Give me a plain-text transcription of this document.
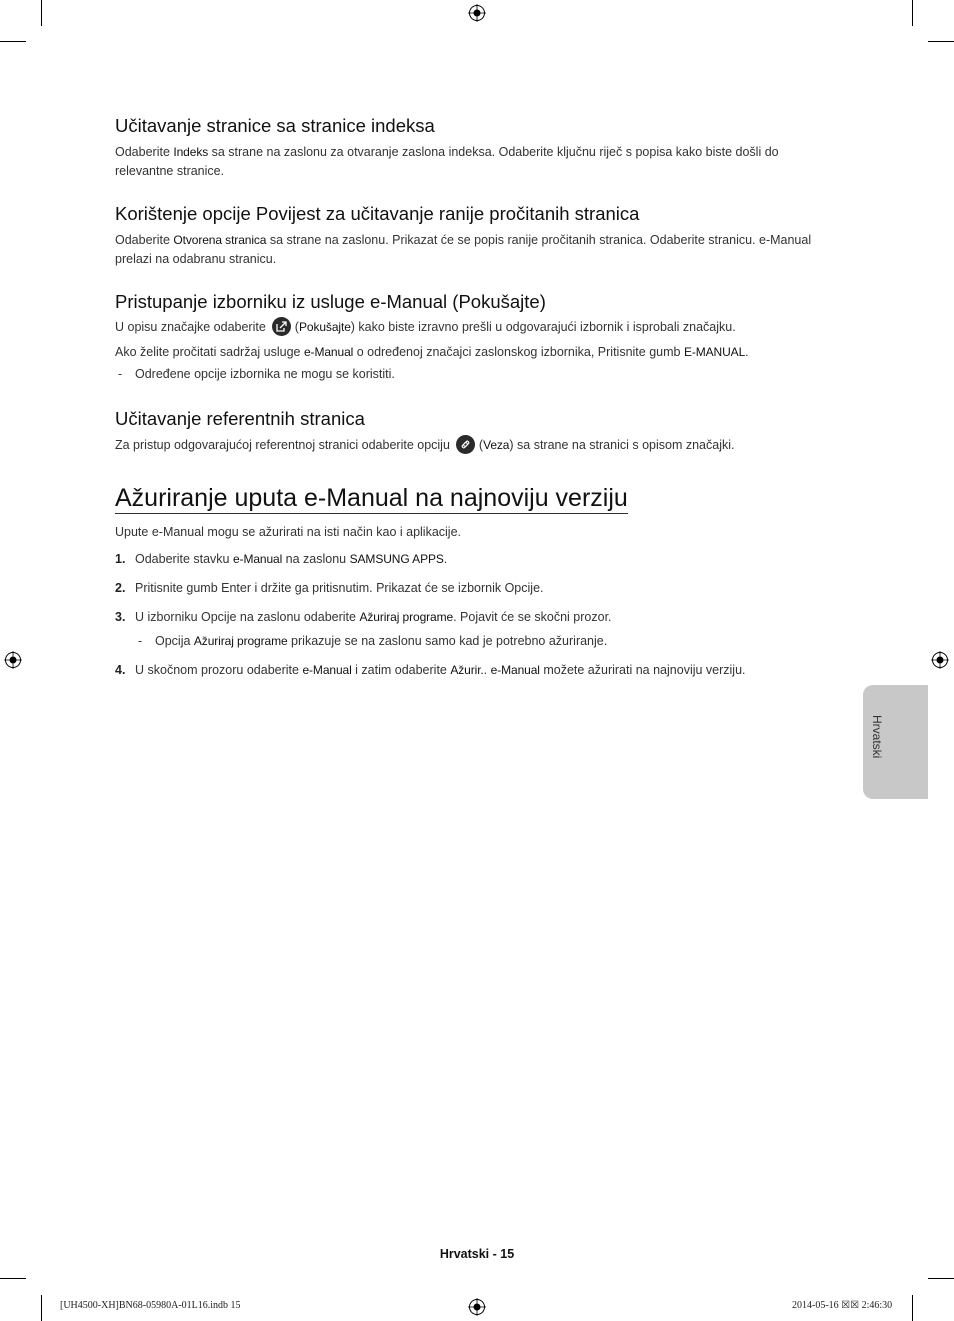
Učitavanje stranice sa stranice indeksa
Odaberite Indeks sa strane na zaslonu za otvaranje zaslona indeksa. Odaberite ključnu riječ s popisa kako biste došli do relevantne stranice.
Korištenje opcije Povijest za učitavanje ranije pročitanih stranica
Odaberite Otvorena stranica sa strane na zaslonu. Prikazat će se popis ranije pročitanih stranica. Odaberite stranicu. e-Manual prelazi na odabranu stranicu.
Pristupanje izborniku iz usluge e-Manual (Pokušajte)
U opisu značajke odaberite (Pokušajte) kako biste izravno prešli u odgovarajući izbornik i isprobali značajku.
Ako želite pročitati sadržaj usluge e-Manual o određenoj značajci zaslonskog izbornika, Pritisnite gumb E-MANUAL.
- Određene opcije izbornika ne mogu se koristiti.
Učitavanje referentnih stranica
Za pristup odgovarajućoj referentnoj stranici odaberite opciju (Veza) sa strane na stranici s opisom značajki.
Ažuriranje uputa e-Manual na najnoviju verziju
Upute e-Manual mogu se ažurirati na isti način kao i aplikacije.
1. Odaberite stavku e-Manual na zaslonu SAMSUNG APPS.
2. Pritisnite gumb Enter i držite ga pritisnutim. Prikazat će se izbornik Opcije.
3. U izborniku Opcije na zaslonu odaberite Ažuriraj programe. Pojavit će se skočni prozor.
- Opcija Ažuriraj programe prikazuje se na zaslonu samo kad je potrebno ažuriranje.
4. U skočnom prozoru odaberite e-Manual i zatim odaberite Ažurir.. e-Manual možete ažurirati na najnoviju verziju.
Hrvatski
Hrvatski - 15
[UH4500-XH]BN68-05980A-01L16.indb 15	2014-05-16 ☒☒ 2:46:30
